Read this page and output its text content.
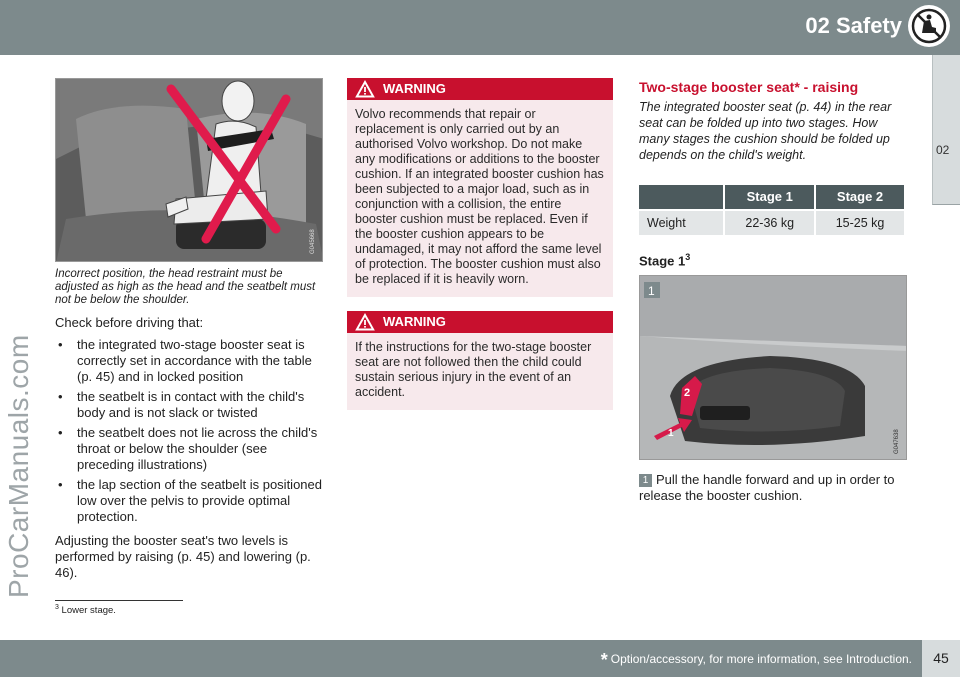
02 Safety
02
ProCarManuals.com
G045668
Incorrect position, the head restraint must be adjusted as high as the head and the seatbelt must not be below the shoulder.
Check before driving that:
• the integrated two-stage booster seat is correctly set in accordance with the table (p. 45) and in locked position
• the seatbelt is in contact with the child's body and is not slack or twisted
• the seatbelt does not lie across the child's throat or below the shoulder (see preceding illustrations)
• the lap section of the seatbelt is positioned low over the pelvis to provide optimal protection.
Adjusting the booster seat's two levels is performed by raising (p. 45) and lowering (p. 46).
WARNING
Volvo recommends that repair or replacement is only carried out by an authorised Volvo workshop. Do not make any modifications or additions to the booster cushion. If an integrated booster cushion has been subjected to a major load, such as in conjunction with a collision, the entire booster cushion must be replaced. Even if the booster cushion appears to be undamaged, it may not afford the same level of protection. The booster cushion must also be replaced if it is heavily worn.
WARNING
If the instructions for the two-stage booster seat are not followed then the child could sustain serious injury in the event of an accident.
Two-stage booster seat* - raising
The integrated booster seat (p. 44) in the rear seat can be folded up into two stages. How many stages the cushion should be folded up depends on the child's weight.
	Stage 1	Stage 2
Weight	22-36 kg	15-25 kg
Stage $1^3$
2
1
1
G047638
1 Pull the handle forward and up in order to release the booster cushion.
$^3$ Lower stage.
* Option/accessory, for more information, see Introduction.	45
